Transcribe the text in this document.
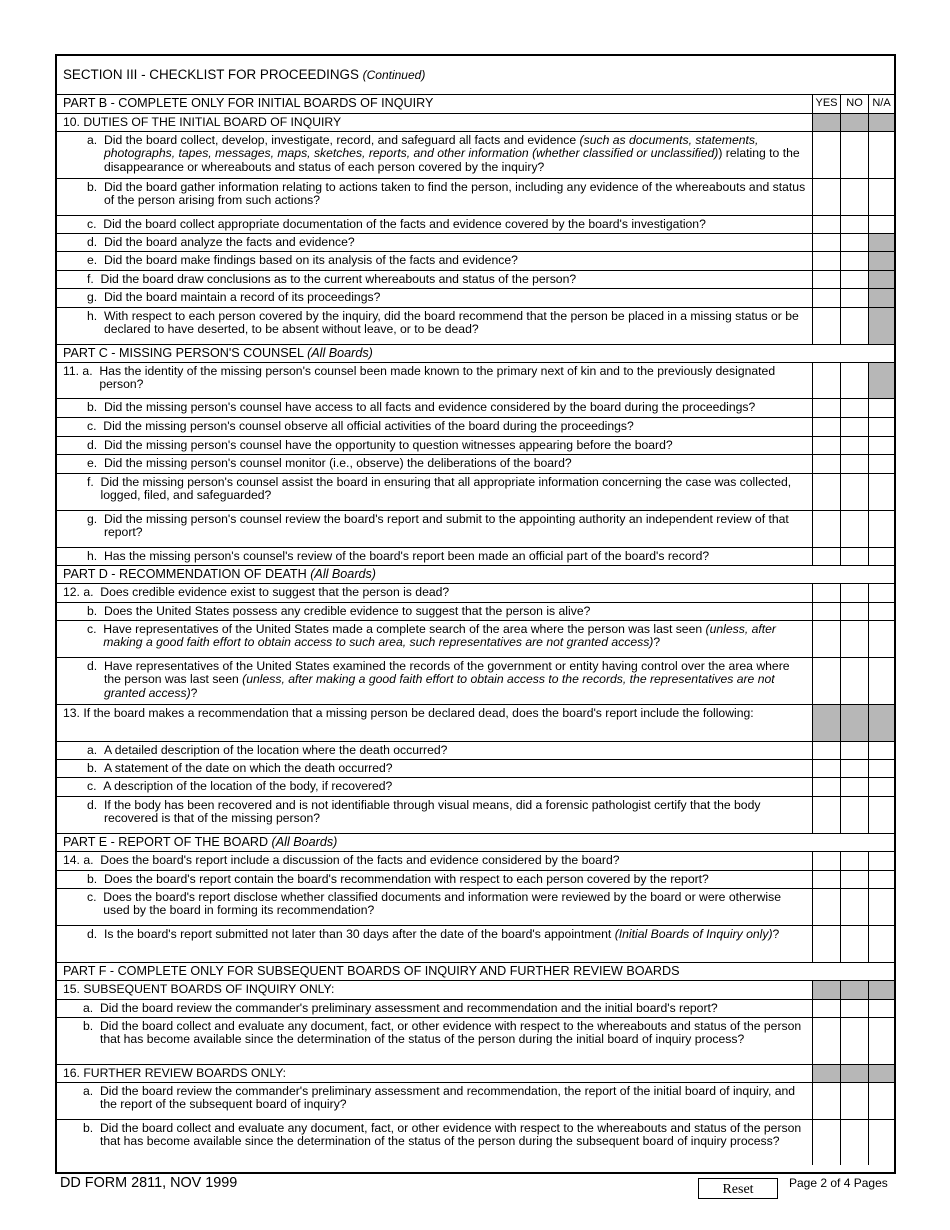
SECTION III - CHECKLIST FOR PROCEEDINGS (Continued)
PART B - COMPLETE ONLY FOR INITIAL BOARDS OF INQUIRY	YES NO N/A
10. DUTIES OF THE INITIAL BOARD OF INQUIRY
a. Did the board collect, develop, investigate, record, and safeguard all facts and evidence (such as documents, statements, photographs, tapes, messages, maps, sketches, reports, and other information (whether classified or unclassified)) relating to the disappearance or whereabouts and status of each person covered by the inquiry?
b. Did the board gather information relating to actions taken to find the person, including any evidence of the whereabouts and status of the person arising from such actions?
c. Did the board collect appropriate documentation of the facts and evidence covered by the board's investigation?
d. Did the board analyze the facts and evidence?
e. Did the board make findings based on its analysis of the facts and evidence?
f. Did the board draw conclusions as to the current whereabouts and status of the person?
g. Did the board maintain a record of its proceedings?
h. With respect to each person covered by the inquiry, did the board recommend that the person be placed in a missing status or be declared to have deserted, to be absent without leave, or to be dead?
PART C - MISSING PERSON'S COUNSEL (All Boards)
11. a. Has the identity of the missing person's counsel been made known to the primary next of kin and to the previously designated person?
b. Did the missing person's counsel have access to all facts and evidence considered by the board during the proceedings?
c. Did the missing person's counsel observe all official activities of the board during the proceedings?
d. Did the missing person's counsel have the opportunity to question witnesses appearing before the board?
e. Did the missing person's counsel monitor (i.e., observe) the deliberations of the board?
f. Did the missing person's counsel assist the board in ensuring that all appropriate information concerning the case was collected, logged, filed, and safeguarded?
g. Did the missing person's counsel review the board's report and submit to the appointing authority an independent review of that report?
h. Has the missing person's counsel's review of the board's report been made an official part of the board's record?
PART D - RECOMMENDATION OF DEATH (All Boards)
12. a. Does credible evidence exist to suggest that the person is dead?
b. Does the United States possess any credible evidence to suggest that the person is alive?
c. Have representatives of the United States made a complete search of the area where the person was last seen (unless, after making a good faith effort to obtain access to such area, such representatives are not granted access)?
d. Have representatives of the United States examined the records of the government or entity having control over the area where the person was last seen (unless, after making a good faith effort to obtain access to the records, the representatives are not granted access)?
13. If the board makes a recommendation that a missing person be declared dead, does the board's report include the following:
a. A detailed description of the location where the death occurred?
b. A statement of the date on which the death occurred?
c. A description of the location of the body, if recovered?
d. If the body has been recovered and is not identifiable through visual means, did a forensic pathologist certify that the body recovered is that of the missing person?
PART E - REPORT OF THE BOARD (All Boards)
14. a. Does the board's report include a discussion of the facts and evidence considered by the board?
b. Does the board's report contain the board's recommendation with respect to each person covered by the report?
c. Does the board's report disclose whether classified documents and information were reviewed by the board or were otherwise used by the board in forming its recommendation?
d. Is the board's report submitted not later than 30 days after the date of the board's appointment (Initial Boards of Inquiry only)?
PART F - COMPLETE ONLY FOR SUBSEQUENT BOARDS OF INQUIRY AND FURTHER REVIEW BOARDS
15. SUBSEQUENT BOARDS OF INQUIRY ONLY:
a. Did the board review the commander's preliminary assessment and recommendation and the initial board's report?
b. Did the board collect and evaluate any document, fact, or other evidence with respect to the whereabouts and status of the person that has become available since the determination of the status of the person during the initial board of inquiry process?
16. FURTHER REVIEW BOARDS ONLY:
a. Did the board review the commander's preliminary assessment and recommendation, the report of the initial board of inquiry, and the report of the subsequent board of inquiry?
b. Did the board collect and evaluate any document, fact, or other evidence with respect to the whereabouts and status of the person that has become available since the determination of the status of the person during the subsequent board of inquiry process?
DD FORM 2811, NOV 1999	Reset	Page 2 of 4 Pages
